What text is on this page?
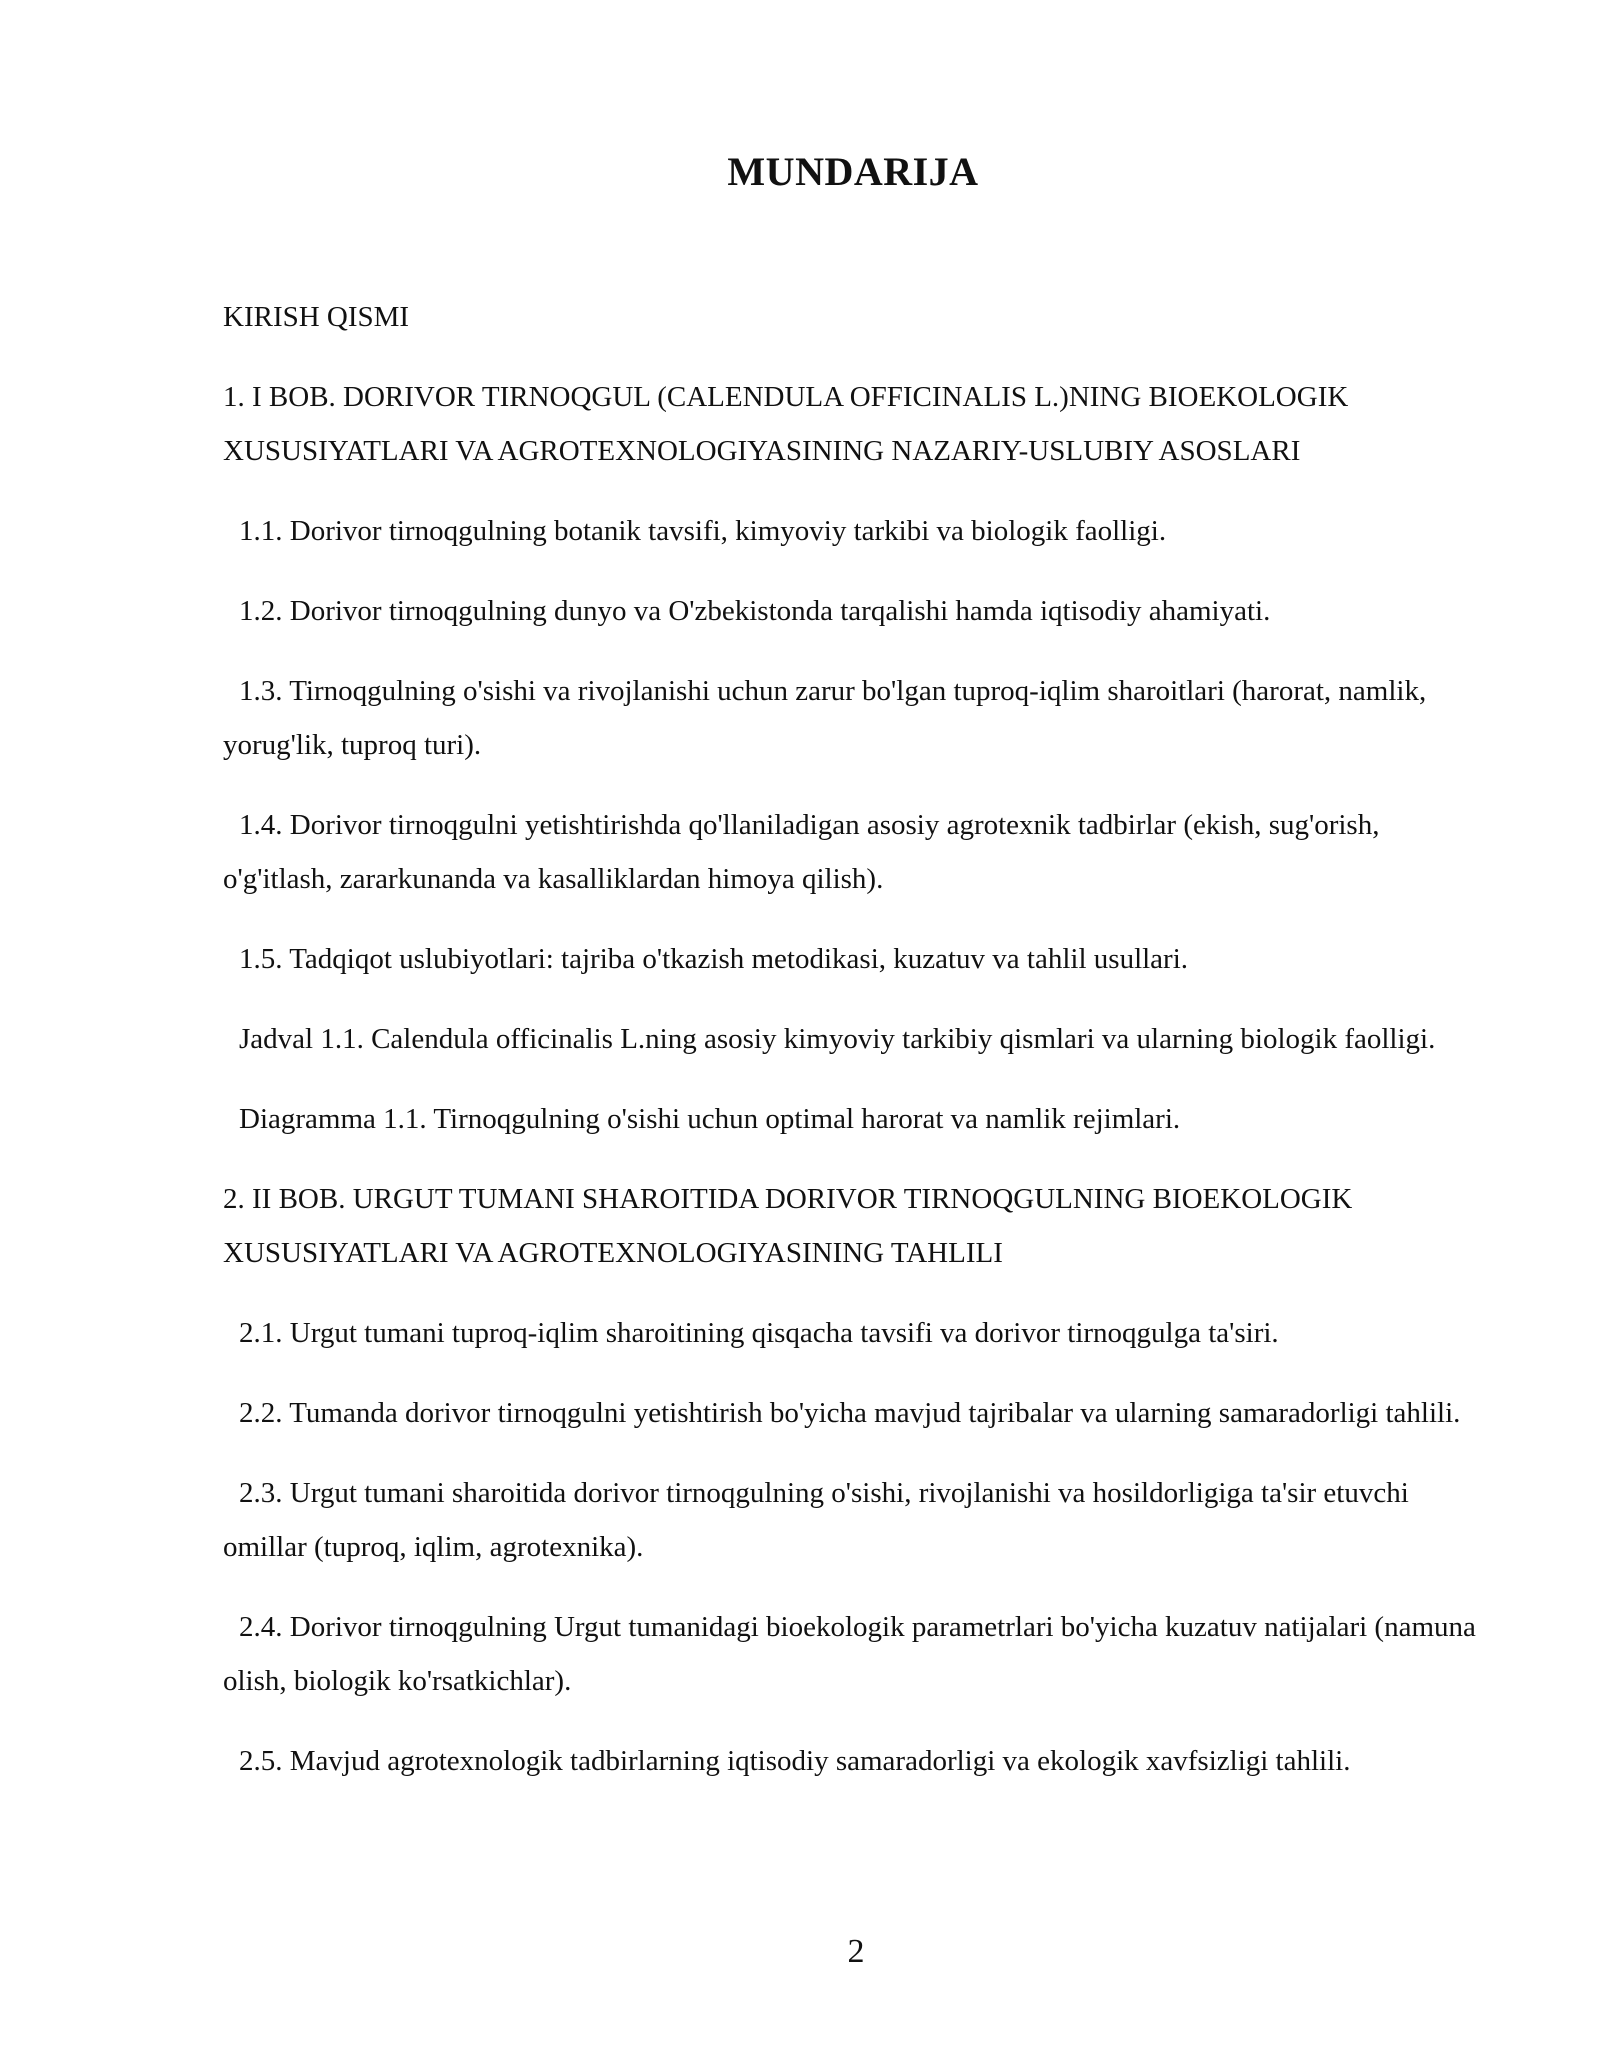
MUNDARIJA

KIRISH QISMI

1. I BOB. DORIVOR TIRNOQGUL (CALENDULA OFFICINALIS L.)NING BIOEKOLOGIK XUSUSIYATLARI VA AGROTEXNOLOGIYASINING NAZARIY-USLUBIY ASOSLARI

1.1. Dorivor tirnoqgulning botanik tavsifi, kimyoviy tarkibi va biologik faolligi.

1.2. Dorivor tirnoqgulning dunyo va O'zbekistonda tarqalishi hamda iqtisodiy ahamiyati.

1.3. Tirnoqgulning o'sishi va rivojlanishi uchun zarur bo'lgan tuproq-iqlim sharoitlari (harorat, namlik, yorug'lik, tuproq turi).

1.4. Dorivor tirnoqgulni yetishtirishda qo'llaniladigan asosiy agrotexnik tadbirlar (ekish, sug'orish, o'g'itlash, zararkunanda va kasalliklardan himoya qilish).

1.5. Tadqiqot uslubiyotlari: tajriba o'tkazish metodikasi, kuzatuv va tahlil usullari.

Jadval 1.1. Calendula officinalis L.ning asosiy kimyoviy tarkibiy qismlari va ularning biologik faolligi.

Diagramma 1.1. Tirnoqgulning o'sishi uchun optimal harorat va namlik rejimlari.

2. II BOB. URGUT TUMANI SHAROITIDA DORIVOR TIRNOQGULNING BIOEKOLOGIK XUSUSIYATLARI VA AGROTEXNOLOGIYASINING TAHLILI

2.1. Urgut tumani tuproq-iqlim sharoitining qisqacha tavsifi va dorivor tirnoqgulga ta'siri.

2.2. Tumanda dorivor tirnoqgulni yetishtirish bo'yicha mavjud tajribalar va ularning samaradorligi tahlili.

2.3. Urgut tumani sharoitida dorivor tirnoqgulning o'sishi, rivojlanishi va hosildorligiga ta'sir etuvchi omillar (tuproq, iqlim, agrotexnika).

2.4. Dorivor tirnoqgulning Urgut tumanidagi bioekologik parametrlari bo'yicha kuzatuv natijalari (namuna olish, biologik ko'rsatkichlar).

2.5. Mavjud agrotexnologik tadbirlarning iqtisodiy samaradorligi va ekologik xavfsizligi tahlili.

2
